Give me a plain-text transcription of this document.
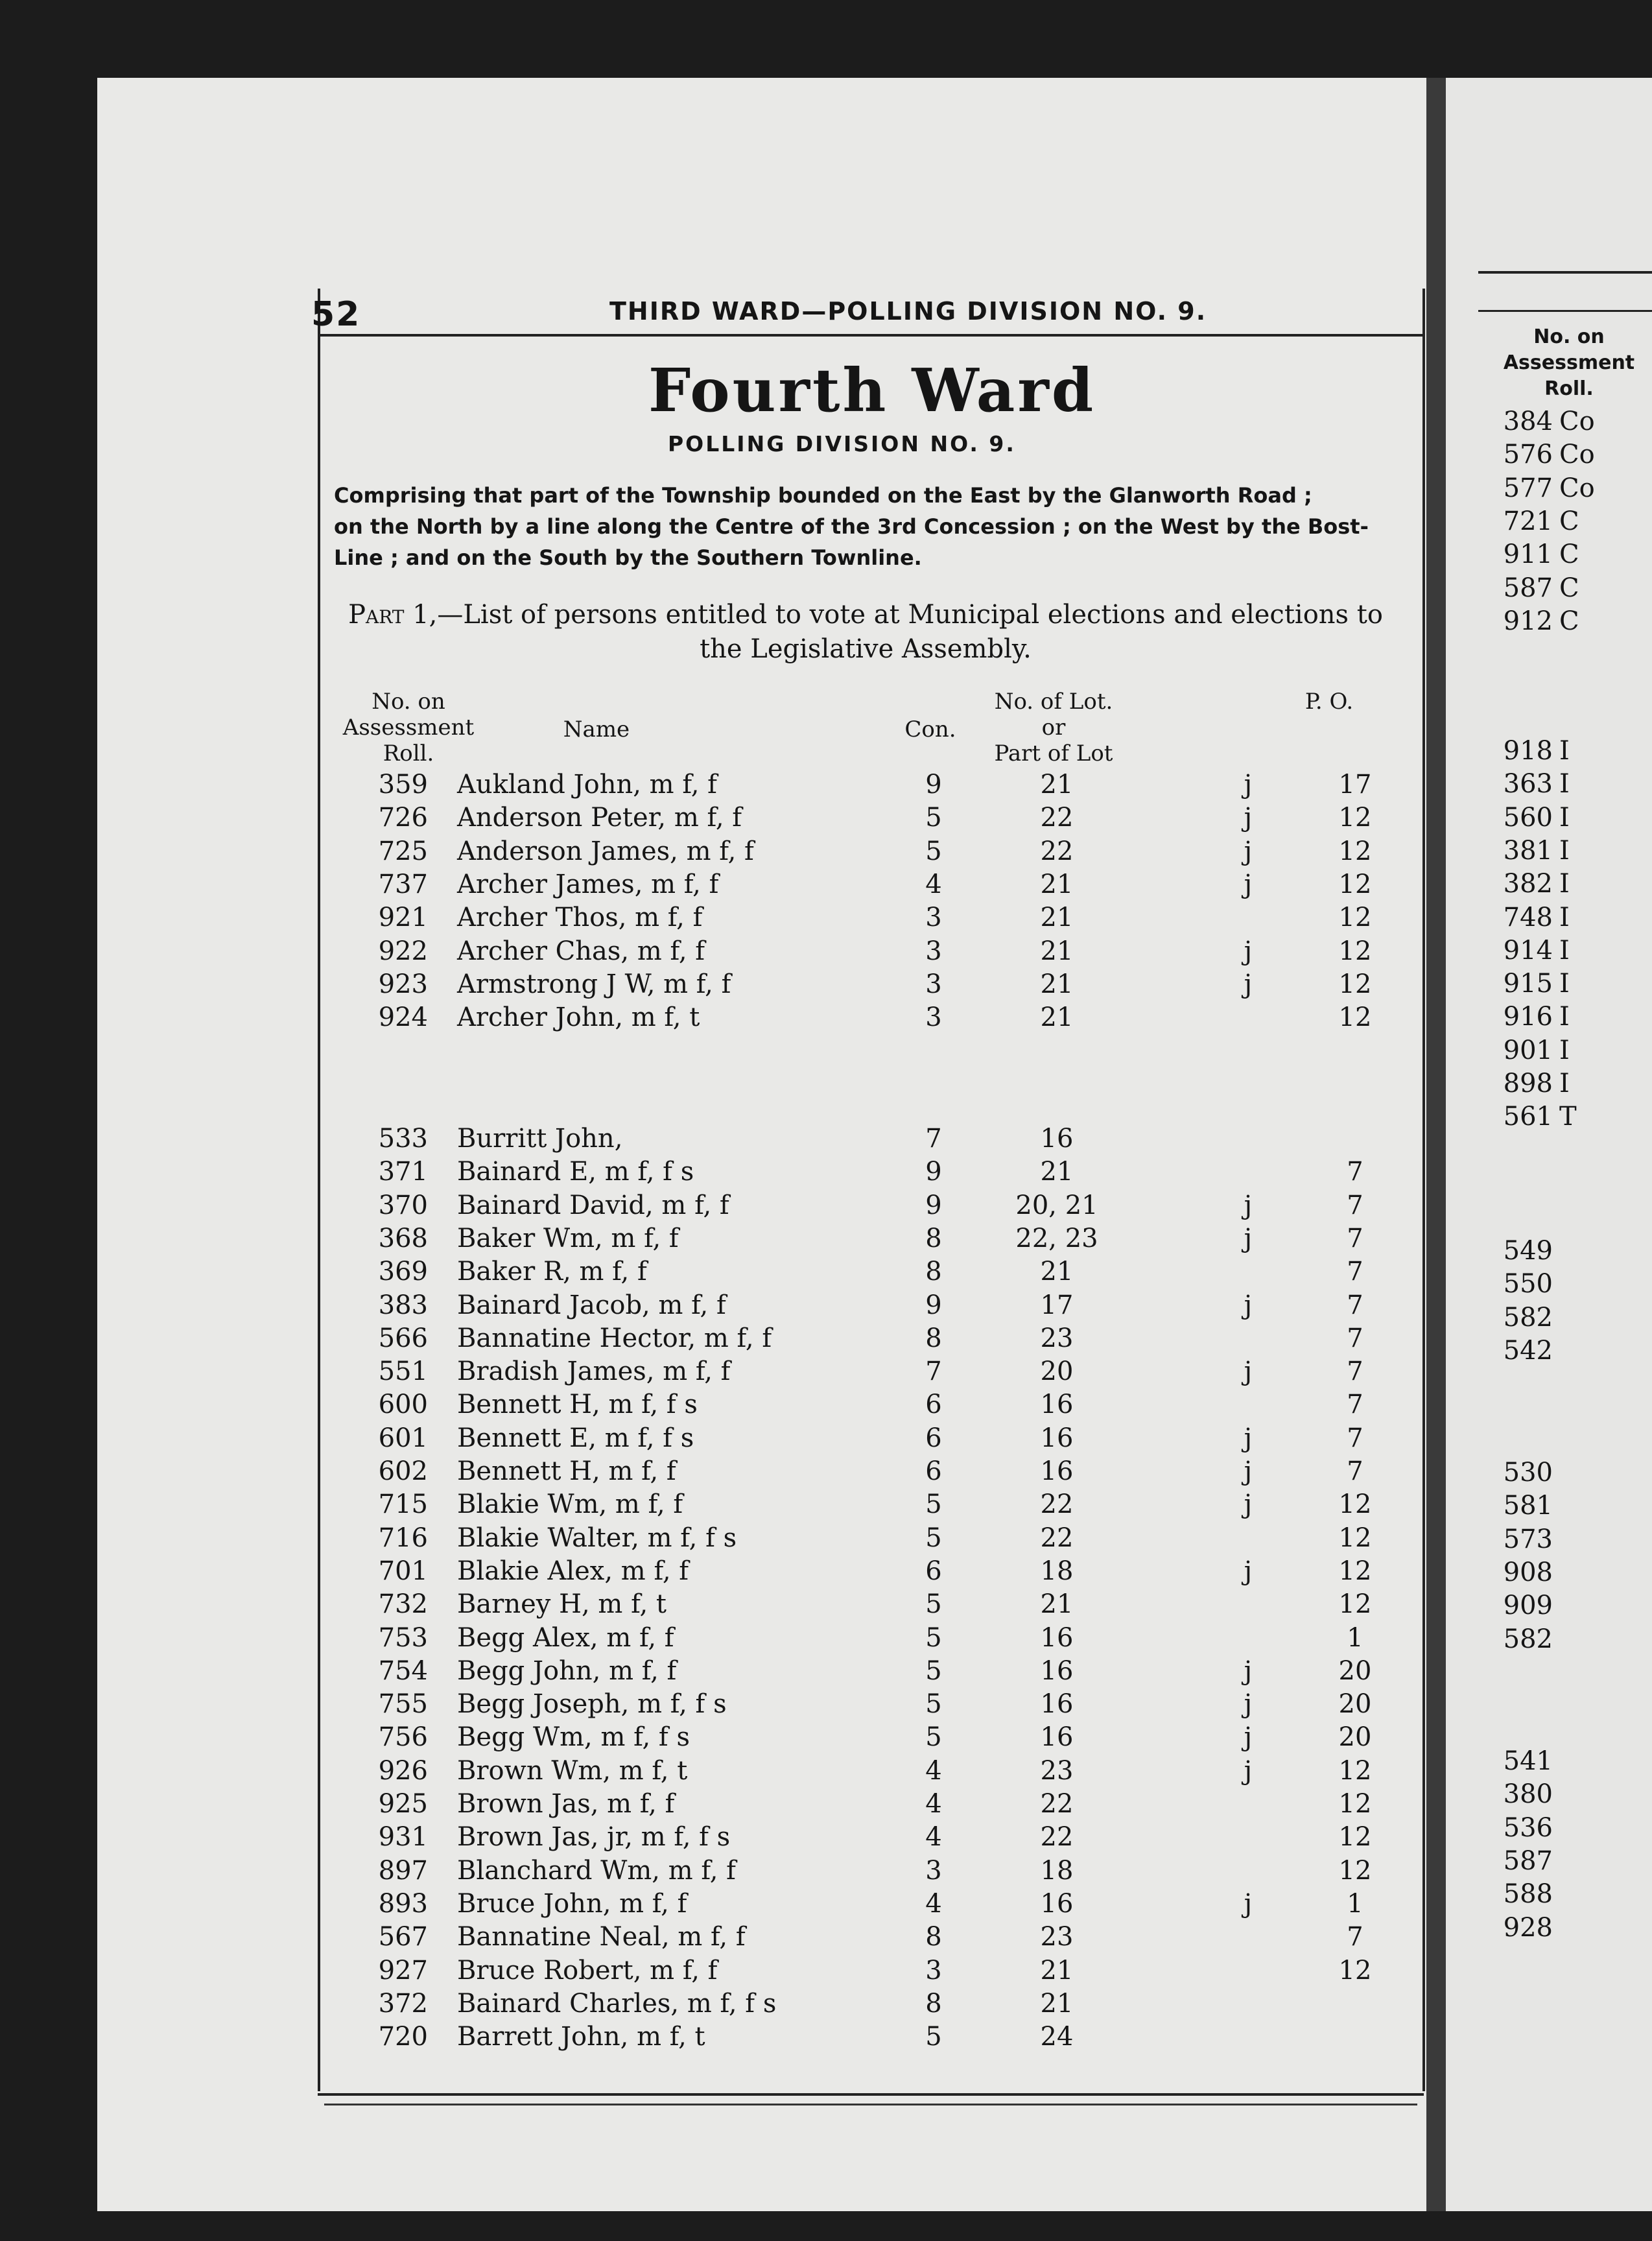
52	THIRD WARD—POLLING DIVISION NO. 9.
Fourth Ward
POLLING DIVISION NO. 9.
Comprising that part of the Township bounded on the East by the Glanworth Road ;
on the North by a line along the Centre of the 3rd Concession ; on the West by the Bost-
Line ; and on the South by the Southern Townline.
Part 1,—List of persons entitled to vote at Municipal elections and elections to
the Legislative Assembly.
No. on
Assessment
Roll.
Name	Con.
No. of Lot.
or
Part of Lot
P. O.
359 Aukland John, m f, f	9	21	j	17
726 Anderson Peter, m f, f	5	22	j	12
725 Anderson James, m f, f	5	22	j	12
737 Archer James, m f, f	4	21	j	12
921 Archer Thos, m f, f	3	21	12
922 Archer Chas, m f, f	3	21	j	12
923 Armstrong J W, m f, f	3	21	j	12
924 Archer John, m f, t	3	21	12
533 Burritt John,	7	16
371 Bainard E, m f, f s	9	21	7
370 Bainard David, m f, f	9	20, 21	j	7
368 Baker Wm, m f, f	8	22, 23	j	7
369 Baker R, m f, f	8	21	7
383 Bainard Jacob, m f, f	9	17	j	7
566 Bannatine Hector, m f, f	8	23	7
551 Bradish James, m f, f	7	20	j	7
600 Bennett H, m f, f s	6	16	7
601 Bennett E, m f, f s	6	16	j	7
602 Bennett H, m f, f	6	16	j	7
715 Blakie Wm, m f, f	5	22	j	12
716 Blakie Walter, m f, f s	5	22	12
701 Blakie Alex, m f, f	6	18	j	12
732 Barney H, m f, t	5	21	12
753 Begg Alex, m f, f	5	16	1
754 Begg John, m f, f	5	16	j	20
755 Begg Joseph, m f, f s	5	16	j	20
756 Begg Wm, m f, f s	5	16	j	20
926 Brown Wm, m f, t	4	23	j	12
925 Brown Jas, m f, f	4	22	12
931 Brown Jas, jr, m f, f s	4	22	12
897 Blanchard Wm, m f, f	3	18	12
893 Bruce John, m f, f	4	16	j	1
567 Bannatine Neal, m f, f	8	23	7
927 Bruce Robert, m f, f	3	21	12
372 Bainard Charles, m f, f s	8	21
720 Barrett John, m f, t	5	24
No. on
Assessment
Roll.
384 Co
576 Co
577 Co
721 C
911 C
587 C
912 C
918 I
363 I
560 I
381 I
382 I
748 I
914 I
915 I
916 I
901 I
898 I
561 T
549
550
582
542
530
581
573
908
909
582
541
380
536
587
588
928
